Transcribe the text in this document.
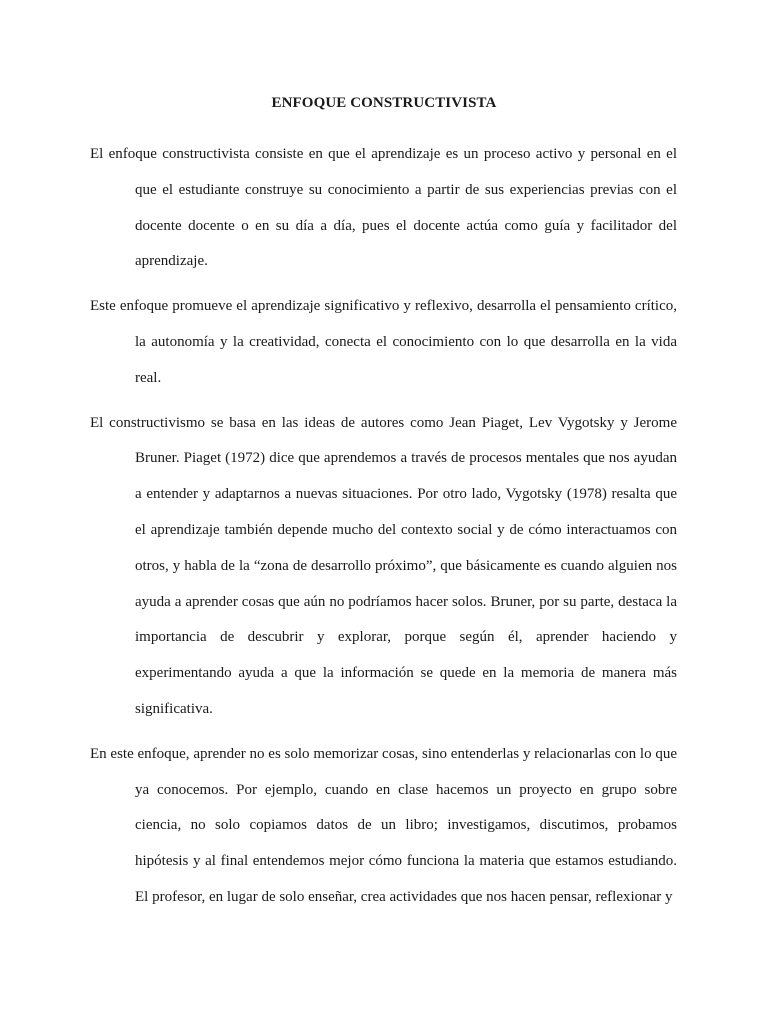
ENFOQUE CONSTRUCTIVISTA

El enfoque constructivista consiste en que el aprendizaje es un proceso activo y personal en el que el estudiante construye su conocimiento a partir de sus experiencias previas con el docente docente o en su día a día, pues el docente actúa como guía y facilitador del aprendizaje.

Este enfoque promueve el aprendizaje significativo y reflexivo, desarrolla el pensamiento crítico, la autonomía y la creatividad, conecta el conocimiento con lo que desarrolla en la vida real.

El constructivismo se basa en las ideas de autores como Jean Piaget, Lev Vygotsky y Jerome Bruner. Piaget (1972) dice que aprendemos a través de procesos mentales que nos ayudan a entender y adaptarnos a nuevas situaciones. Por otro lado, Vygotsky (1978) resalta que el aprendizaje también depende mucho del contexto social y de cómo interactuamos con otros, y habla de la “zona de desarrollo próximo”, que básicamente es cuando alguien nos ayuda a aprender cosas que aún no podríamos hacer solos. Bruner, por su parte, destaca la importancia de descubrir y explorar, porque según él, aprender haciendo y experimentando ayuda a que la información se quede en la memoria de manera más significativa.

En este enfoque, aprender no es solo memorizar cosas, sino entenderlas y relacionarlas con lo que ya conocemos. Por ejemplo, cuando en clase hacemos un proyecto en grupo sobre ciencia, no solo copiamos datos de un libro; investigamos, discutimos, probamos hipótesis y al final entendemos mejor cómo funciona la materia que estamos estudiando. El profesor, en lugar de solo enseñar, crea actividades que nos hacen pensar, reflexionar y
